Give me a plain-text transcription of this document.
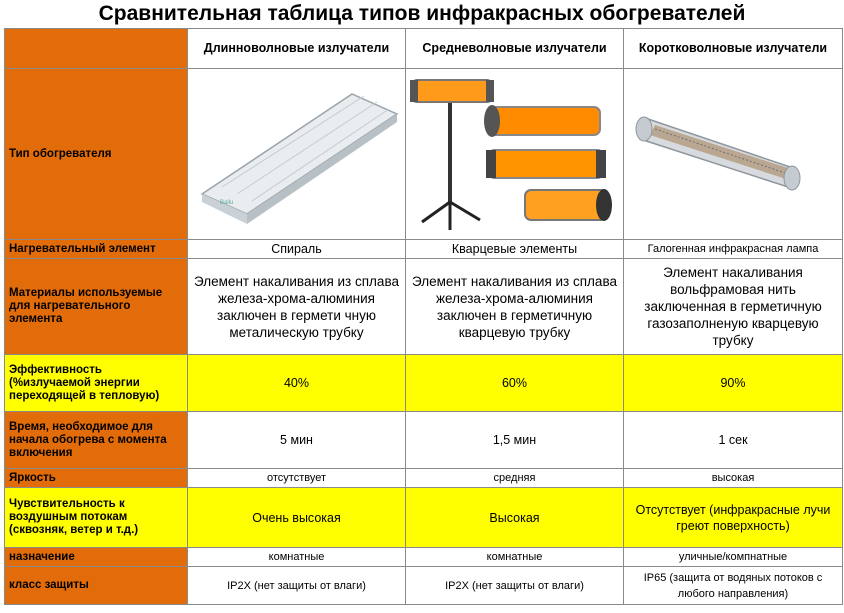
Сравнительная таблица типов инфракрасных обогревателей
	Длинноволновые излучатели	Средневолновые излучатели	Коротковолновые излучатели
Тип обогревателя	Ballu

Нагревательный элемент	Спираль	Кварцевые элементы	Галогенная инфракрасная лампа
Материалы используемые для нагревательного элемента	Элемент накаливания из сплава железа-хрома-алюминия заключен в гермети чную металическую трубку	Элемент накаливания из сплава железа-хрома-алюминия заключен в герметичную кварцевую трубку	Элемент накаливания вольфрамовая нить заключенная в герметичную газозаполненую кварцевую трубку
Эффективность (%излучаемой энергии переходящей в тепловую)	40%	60%	90%
Время, необходимое для начала обогрева с момента включения	5 мин	1,5 мин	1 сек
Яркость	отсутствует	средняя	высокая
Чувствительность к воздушным потокам (сквозняк, ветер и т.д.)	Очень высокая	Высокая	Отсутствует (инфракрасные лучи греют поверхность)
назначение	комнатные	комнатные	уличные/компнатные
класс защиты	IP2X (нет защиты от влаги)	IP2X (нет защиты от влаги)	IP65 (защита от водяных потоков с любого направления)
